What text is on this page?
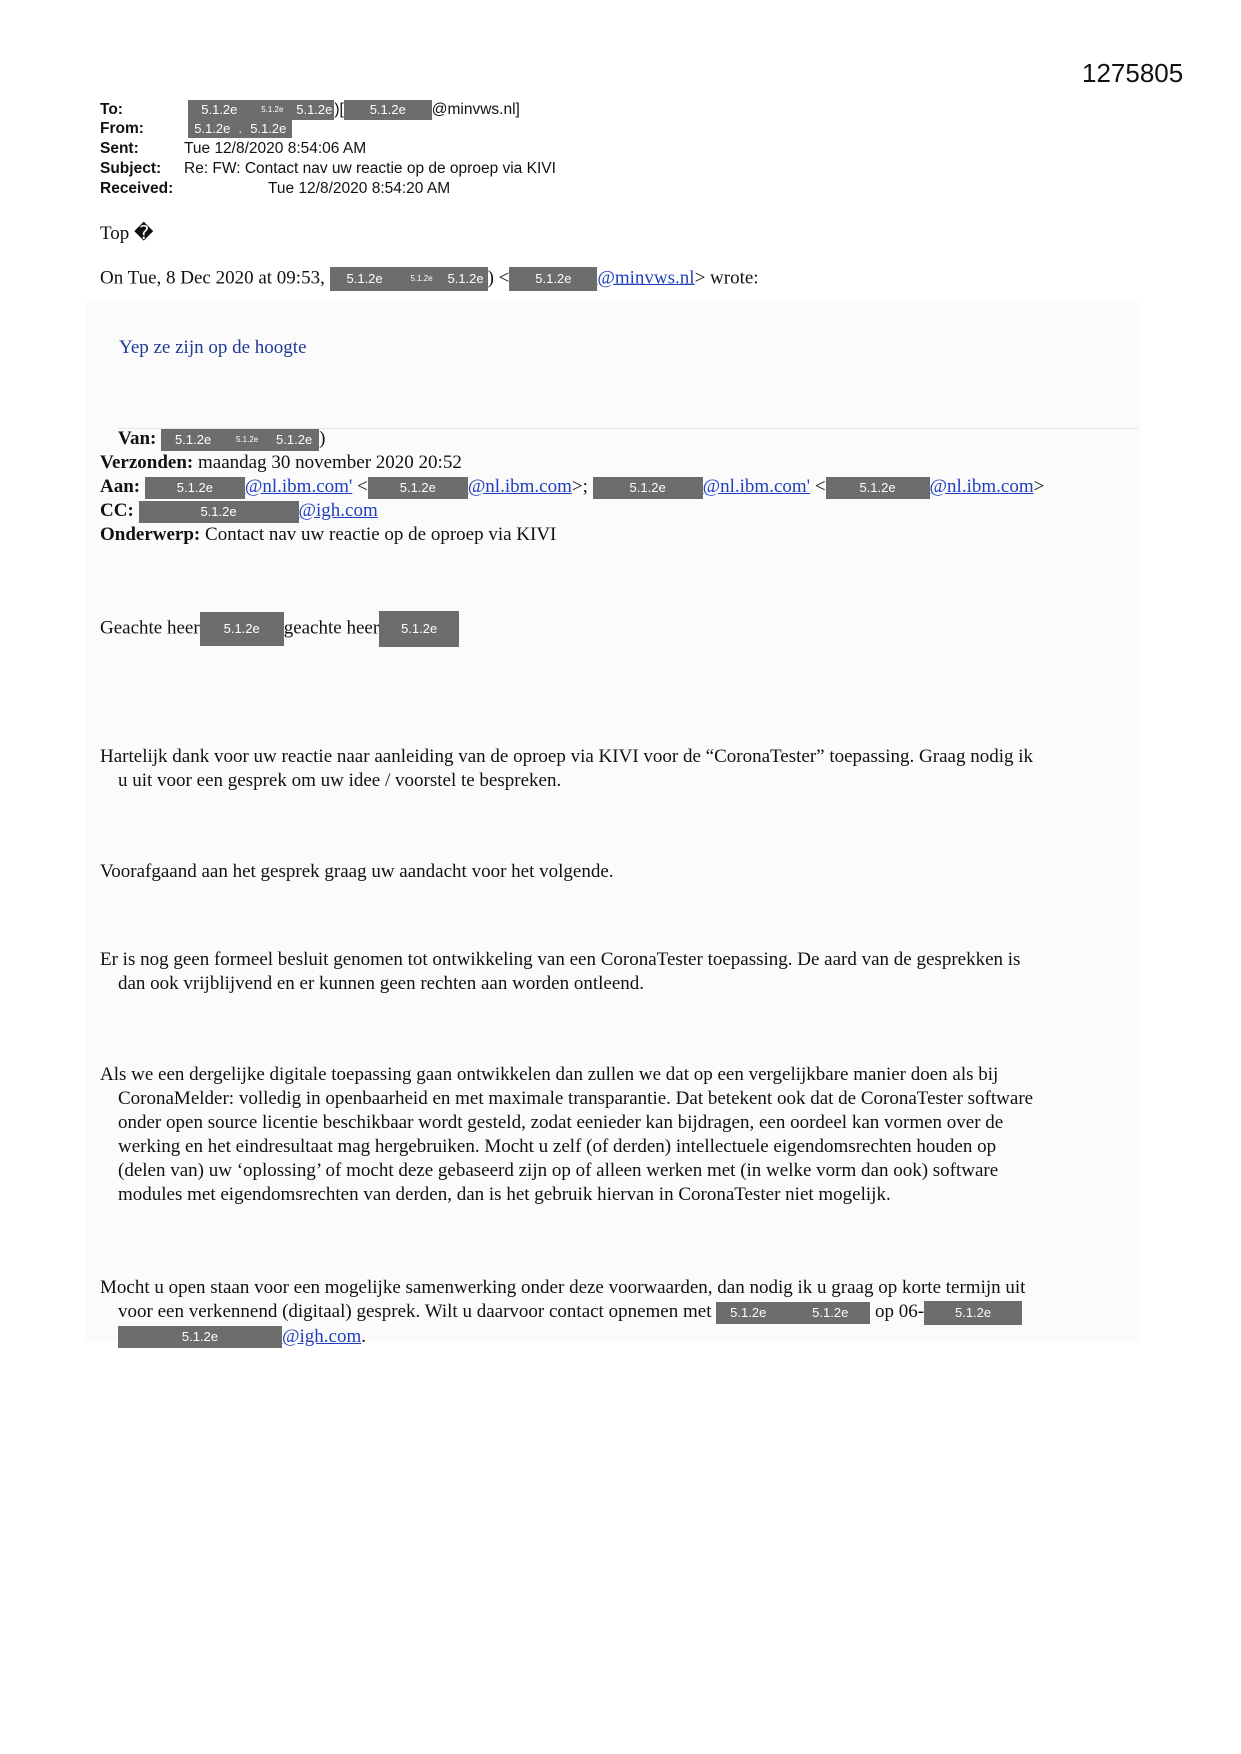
1275805
To:	5.1.2e	5.1.2e 5.1.2e )[ 5.1.2e @minvws.nl]
From:	5.1.2e . 5.1.2e
Sent:	Tue 12/8/2020 8:54:06 AM
Subject: Re: FW: Contact nav uw reactie op de oproep via KIVI
Received:	Tue 12/8/2020 8:54:20 AM
Top �
On Tue, 8 Dec 2020 at 09:53, 5.1.2e	5.1.2e 5.1.2e ) < 5.1.2e @minvws.nl> wrote:
Yep ze zijn op de hoogte
Van: 5.1.2e	5.1.2e 5.1.2e )
Verzonden: maandag 30 november 2020 20:52
Aan:	5.1.2e @nl.ibm.com' < 5.1.2e @nl.ibm.com>;	5.1.2e @nl.ibm.com' <	5.1.2e @nl.ibm.com>
CC:	5.1.2e	@igh.com
Onderwerp: Contact nav uw reactie op de oproep via KIVI
Geachte heer 5.1.2e geachte heer 5.1.2e
Hartelijk dank voor uw reactie naar aanleiding van de oproep via KIVI voor de “CoronaTester” toepassing. Graag nodig ik
u uit voor een gesprek om uw idee / voorstel te bespreken.
Voorafgaand aan het gesprek graag uw aandacht voor het volgende.
Er is nog geen formeel besluit genomen tot ontwikkeling van een CoronaTester toepassing. De aard van de gesprekken is
dan ook vrijblijvend en er kunnen geen rechten aan worden ontleend.
Als we een dergelijke digitale toepassing gaan ontwikkelen dan zullen we dat op een vergelijkbare manier doen als bij
CoronaMelder: volledig in openbaarheid en met maximale transparantie. Dat betekent ook dat de CoronaTester software
onder open source licentie beschikbaar wordt gesteld, zodat eenieder kan bijdragen, een oordeel kan vormen over de
werking en het eindresultaat mag hergebruiken. Mocht u zelf (of derden) intellectuele eigendomsrechten houden op
(delen van) uw ‘oplossing’ of mocht deze gebaseerd zijn op of alleen werken met (in welke vorm dan ook) software
modules met eigendomsrechten van derden, dan is het gebruik hiervan in CoronaTester niet mogelijk.
Mocht u open staan voor een mogelijke samenwerking onder deze voorwaarden, dan nodig ik u graag op korte termijn uit
voor een verkennend (digitaal) gesprek. Wilt u daarvoor contact opnemen met 5.1.2e	5.1.2e op 06- 5.1.2e
5.1.2e	@igh.com.
